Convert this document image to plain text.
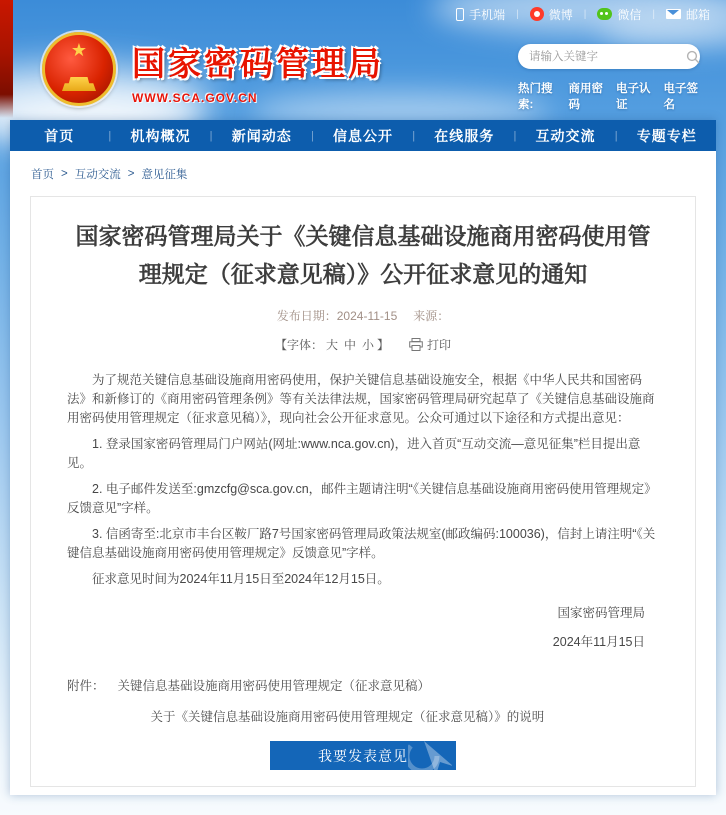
手机端 |	微博 |	微信 |	邮箱
★ 国家密码管理局
WWW.SCA.GOV.CN
请输入关键字
热门搜索:
商用密码
电子认证
电子签名
首页	|	机构概况	|	新闻动态	|	信息公开	|	在线服务	|	互动交流	|	专题专栏
首页 > 互动交流 > 意见征集
国家密码管理局关于《关键信息基础设施商用密码使用管理规定（征求意见稿）》公开征求意见的通知
发布日期：2024-11-15 来源：
【字体： 大 中 小 】	打印

为了规范关键信息基础设施商用密码使用，保护关键信息基础设施安全，根据《中华人民共和国密码法》和新修订的《商用密码管理条例》等有关法律法规，国家密码管理局研究起草了《关键信息基础设施商用密码使用管理规定（征求意见稿）》，现向社会公开征求意见。公众可通过以下途径和方式提出意见：

1. 登录国家密码管理局门户网站(网址:www.nca.gov.cn)，进入首页“互动交流—意见征集”栏目提出意见。

2. 电子邮件发送至:gmzcfg@sca.gov.cn，邮件主题请注明“《关键信息基础设施商用密码使用管理规定》反馈意见”字样。

3. 信函寄至:北京市丰台区鞍厂路7号国家密码管理局政策法规室(邮政编码:100036)，信封上请注明“《关键信息基础设施商用密码使用管理规定》反馈意见”字样。

征求意见时间为2024年11月15日至2024年12月15日。

国家密码管理局
2024年11月15日
附件： 关键信息基础设施商用密码使用管理规定（征求意见稿）
关于《关键信息基础设施商用密码使用管理规定（征求意见稿）》的说明
我要发表意见
